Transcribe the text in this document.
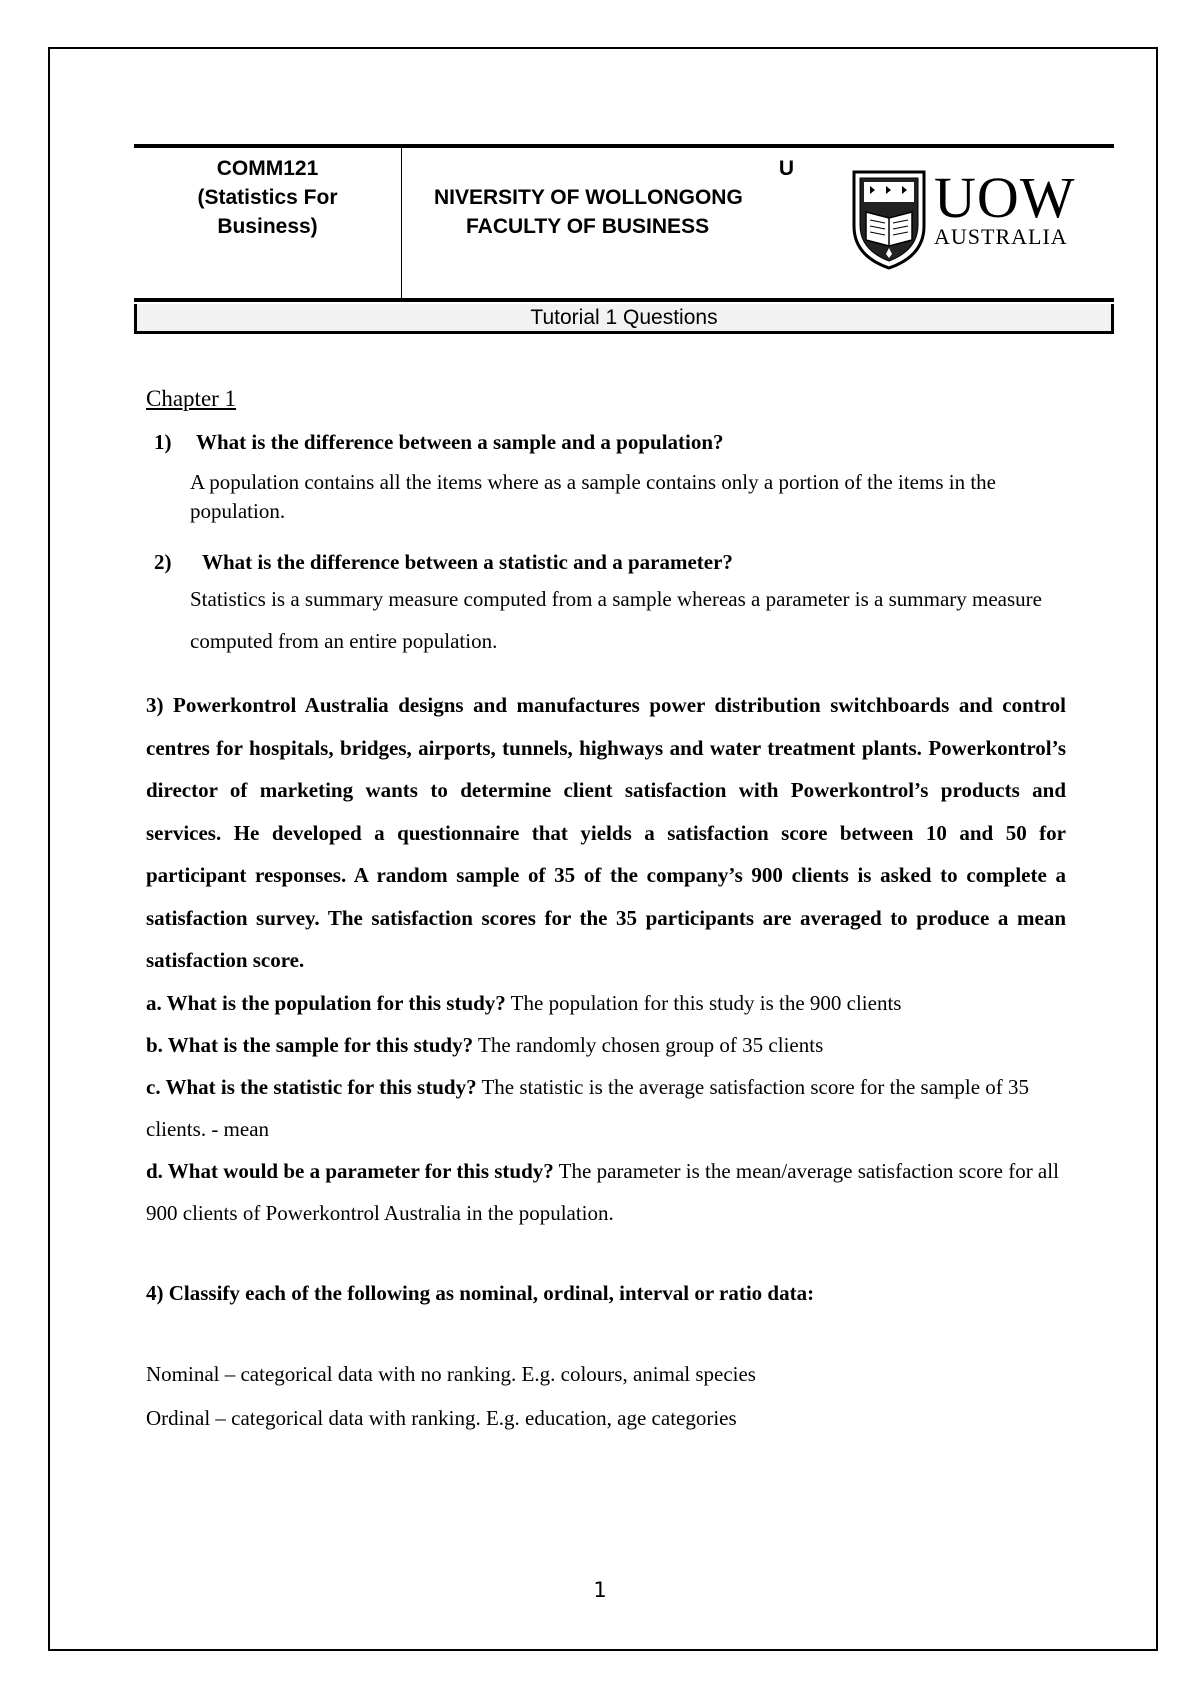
COMM121
(Statistics For
Business)
U
NIVERSITY OF WOLLONGONG
FACULTY OF BUSINESS	UOW
AUSTRALIA
Tutorial 1 Questions

Chapter 1

1)	What is the difference between a sample and a population?

A population contains all the items where as a sample contains only a portion of the items in the population.

2)	What is the difference between a statistic and a parameter?

Statistics is a summary measure computed from a sample whereas a parameter is a summary measure computed from an entire population.

3) Powerkontrol Australia designs and manufactures power distribution switchboards and control centres for hospitals, bridges, airports, tunnels, highways and water treatment plants. Powerkontrol’s director of marketing wants to determine client satisfaction with Powerkontrol’s products and services. He developed a questionnaire that yields a satisfaction score between 10 and 50 for participant responses. A random sample of 35 of the company’s 900 clients is asked to complete a satisfaction survey. The satisfaction scores for the 35 participants are averaged to produce a mean satisfaction score.

a. What is the population for this study? The population for this study is the 900 clients

b. What is the sample for this study? The randomly chosen group of 35 clients

c. What is the statistic for this study? The statistic is the average satisfaction score for the sample of 35 clients. - mean

d. What would be a parameter for this study? The parameter is the mean/average satisfaction score for all 900 clients of Powerkontrol Australia in the population.

4) Classify each of the following as nominal, ordinal, interval or ratio data:

Nominal – categorical data with no ranking. E.g. colours, animal species

Ordinal – categorical data with ranking. E.g. education, age categories

1
